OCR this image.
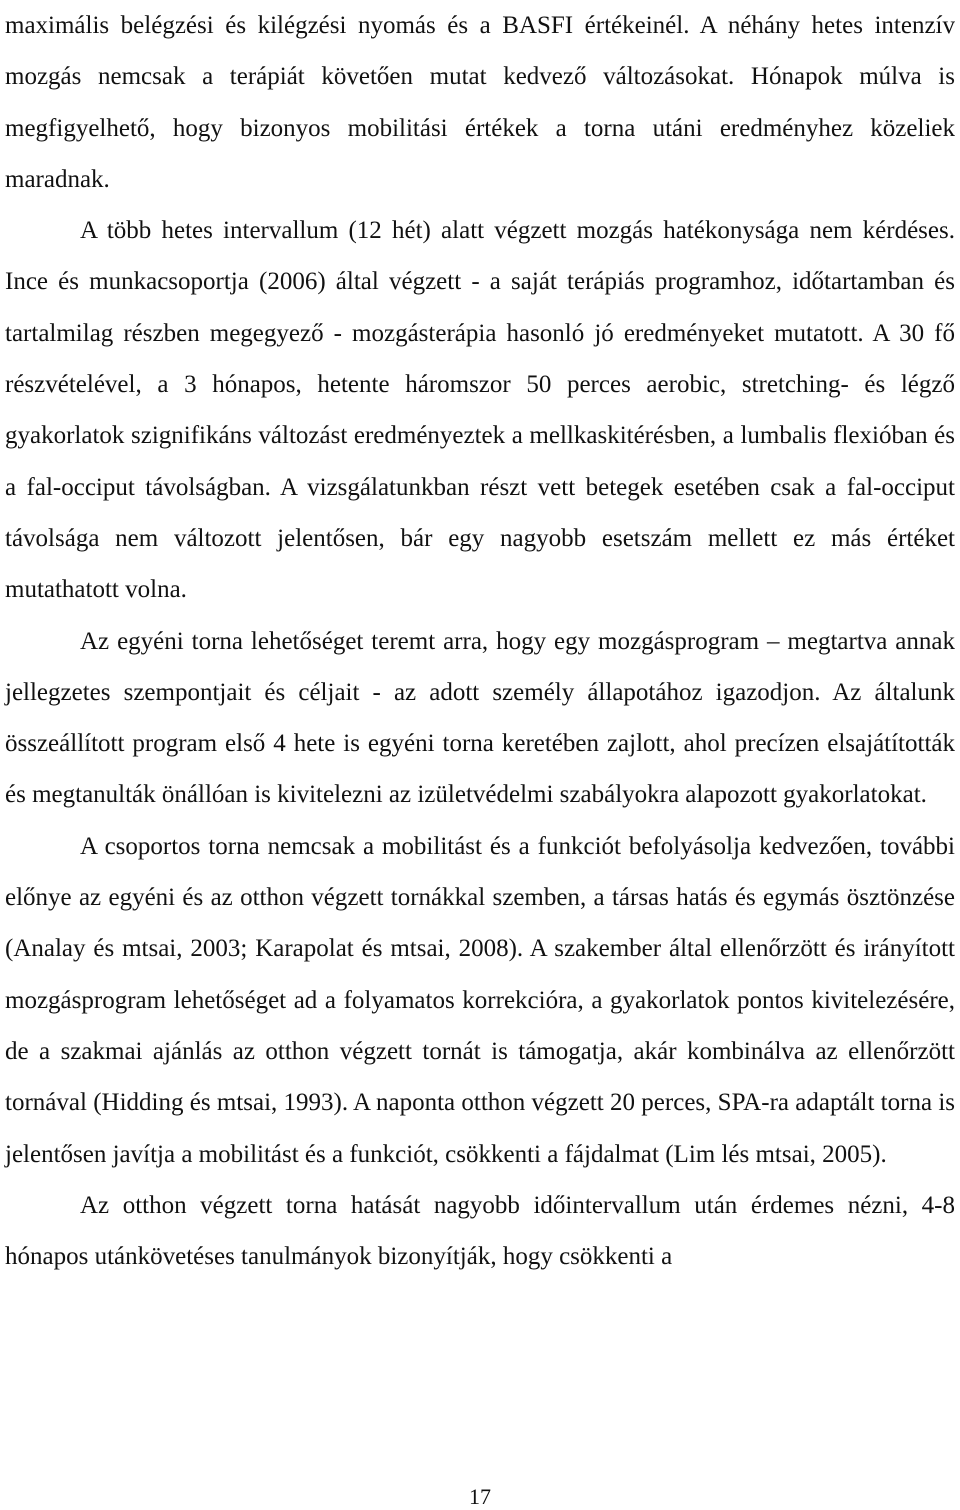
maximális belégzési és kilégzési nyomás és a BASFI értékeinél. A néhány hetes intenzív mozgás nemcsak a terápiát követően mutat kedvező változásokat. Hónapok múlva is megfigyelhető, hogy bizonyos mobilitási értékek a torna utáni eredményhez közeliek maradnak.

A több hetes intervallum (12 hét) alatt végzett mozgás hatékonysága nem kérdéses. Ince és munkacsoportja (2006) által végzett - a saját terápiás programhoz, időtartamban és tartalmilag részben megegyező - mozgásterápia hasonló jó eredményeket mutatott. A 30 fő részvételével, a 3 hónapos, hetente háromszor 50 perces aerobic, stretching- és légző gyakorlatok szignifikáns változást eredményeztek a mellkaskitérésben, a lumbalis flexióban és a fal-occiput távolságban. A vizsgálatunkban részt vett betegek esetében csak a fal-occiput távolsága nem változott jelentősen, bár egy nagyobb esetszám mellett ez más értéket mutathatott volna.

Az egyéni torna lehetőséget teremt arra, hogy egy mozgásprogram – megtartva annak jellegzetes szempontjait és céljait - az adott személy állapotához igazodjon. Az általunk összeállított program első 4 hete is egyéni torna keretében zajlott, ahol precízen elsajátították és megtanulták önállóan is kivitelezni az izületvédelmi szabályokra alapozott gyakorlatokat.

A csoportos torna nemcsak a mobilitást és a funkciót befolyásolja kedvezően, további előnye az egyéni és az otthon végzett tornákkal szemben, a társas hatás és egymás ösztönzése (Analay és mtsai, 2003; Karapolat és mtsai, 2008). A szakember által ellenőrzött és irányított mozgásprogram lehetőséget ad a folyamatos korrekcióra, a gyakorlatok pontos kivitelezésére, de a szakmai ajánlás az otthon végzett tornát is támogatja, akár kombinálva az ellenőrzött tornával (Hidding és mtsai, 1993). A naponta otthon végzett 20 perces, SPA-ra adaptált torna is jelentősen javítja a mobilitást és a funkciót, csökkenti a fájdalmat (Lim lés mtsai, 2005).

Az otthon végzett torna hatását nagyobb időintervallum után érdemes nézni, 4-8 hónapos utánkövetéses tanulmányok bizonyítják, hogy csökkenti a

17
